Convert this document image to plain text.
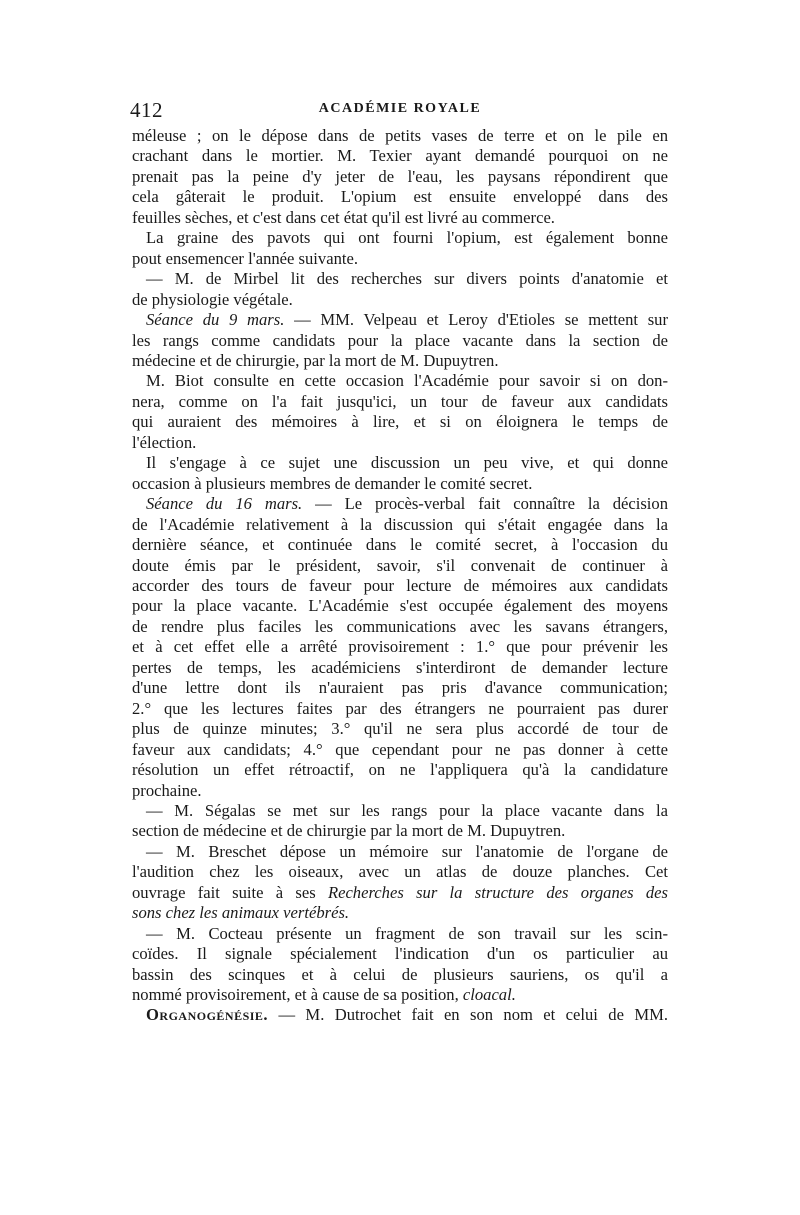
412	ACADÉMIE ROYALE
méleuse ; on le dépose dans de petits vases de terre et on le pile en
crachant dans le mortier. M. Texier ayant demandé pourquoi on ne
prenait pas la peine d'y jeter de l'eau, les paysans répondirent que
cela gâterait le produit. L'opium est ensuite enveloppé dans des
feuilles sèches, et c'est dans cet état qu'il est livré au commerce.
La graine des pavots qui ont fourni l'opium, est également bonne
pout ensemencer l'année suivante.
— M. de Mirbel lit des recherches sur divers points d'anatomie et
de physiologie végétale.
Séance du 9 mars. — MM. Velpeau et Leroy d'Etioles se mettent sur
les rangs comme candidats pour la place vacante dans la section de
médecine et de chirurgie, par la mort de M. Dupuytren.
M. Biot consulte en cette occasion l'Académie pour savoir si on don-
nera, comme on l'a fait jusqu'ici, un tour de faveur aux candidats
qui auraient des mémoires à lire, et si on éloignera le temps de
l'élection.
Il s'engage à ce sujet une discussion un peu vive, et qui donne
occasion à plusieurs membres de demander le comité secret.
Séance du 16 mars. — Le procès-verbal fait connaître la décision
de l'Académie relativement à la discussion qui s'était engagée dans la
dernière séance, et continuée dans le comité secret, à l'occasion du
doute émis par le président, savoir, s'il convenait de continuer à
accorder des tours de faveur pour lecture de mémoires aux candidats
pour la place vacante. L'Académie s'est occupée également des moyens
de rendre plus faciles les communications avec les savans étrangers,
et à cet effet elle a arrêté provisoirement : 1.° que pour prévenir les
pertes de temps, les académiciens s'interdiront de demander lecture
d'une lettre dont ils n'auraient pas pris d'avance communication;
2.° que les lectures faites par des étrangers ne pourraient pas durer
plus de quinze minutes; 3.° qu'il ne sera plus accordé de tour de
faveur aux candidats; 4.° que cependant pour ne pas donner à cette
résolution un effet rétroactif, on ne l'appliquera qu'à la candidature
prochaine.
— M. Ségalas se met sur les rangs pour la place vacante dans la
section de médecine et de chirurgie par la mort de M. Dupuytren.
— M. Breschet dépose un mémoire sur l'anatomie de l'organe de
l'audition chez les oiseaux, avec un atlas de douze planches. Cet
ouvrage fait suite à ses Recherches sur la structure des organes des
sons chez les animaux vertébrés.
— M. Cocteau présente un fragment de son travail sur les scin-
coïdes. Il signale spécialement l'indication d'un os particulier au
bassin des scinques et à celui de plusieurs sauriens, os qu'il a
nommé provisoirement, et à cause de sa position, cloacal.
Organogénésie. — M. Dutrochet fait en son nom et celui de MM.
